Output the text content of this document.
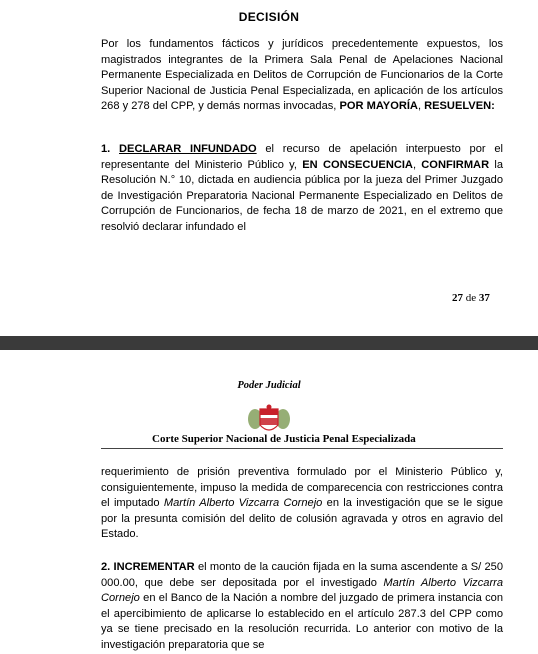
DECISIÓN

Por los fundamentos fácticos y jurídicos precedentemente expuestos, los magistrados integrantes de la Primera Sala Penal de Apelaciones Nacional Permanente Especializada en Delitos de Corrupción de Funcionarios de la Corte Superior Nacional de Justicia Penal Especializada, en aplicación de los artículos 268 y 278 del CPP, y demás normas invocadas, POR MAYORÍA, RESUELVEN:

1. DECLARAR INFUNDADO el recurso de apelación interpuesto por el representante del Ministerio Público y, EN CONSECUENCIA, CONFIRMAR la Resolución N.° 10, dictada en audiencia pública por la jueza del Primer Juzgado de Investigación Preparatoria Nacional Permanente Especializado en Delitos de Corrupción de Funcionarios, de fecha 18 de marzo de 2021, en el extremo que resolvió declarar infundado el

27 de 37
Poder Judicial
Corte Superior Nacional de Justicia Penal Especializada

requerimiento de prisión preventiva formulado por el Ministerio Público y, consiguientemente, impuso la medida de comparecencia con restricciones contra el imputado Martín Alberto Vizcarra Cornejo en la investigación que se le sigue por la presunta comisión del delito de colusión agravada y otros en agravio del Estado.

2. INCREMENTAR el monto de la caución fijada en la suma ascendente a S/ 250 000.00, que debe ser depositada por el investigado Martín Alberto Vizcarra Cornejo en el Banco de la Nación a nombre del juzgado de primera instancia con el apercibimiento de aplicarse lo establecido en el artículo 287.3 del CPP como ya se tiene precisado en la resolución recurrida. Lo anterior con motivo de la investigación preparatoria que se
